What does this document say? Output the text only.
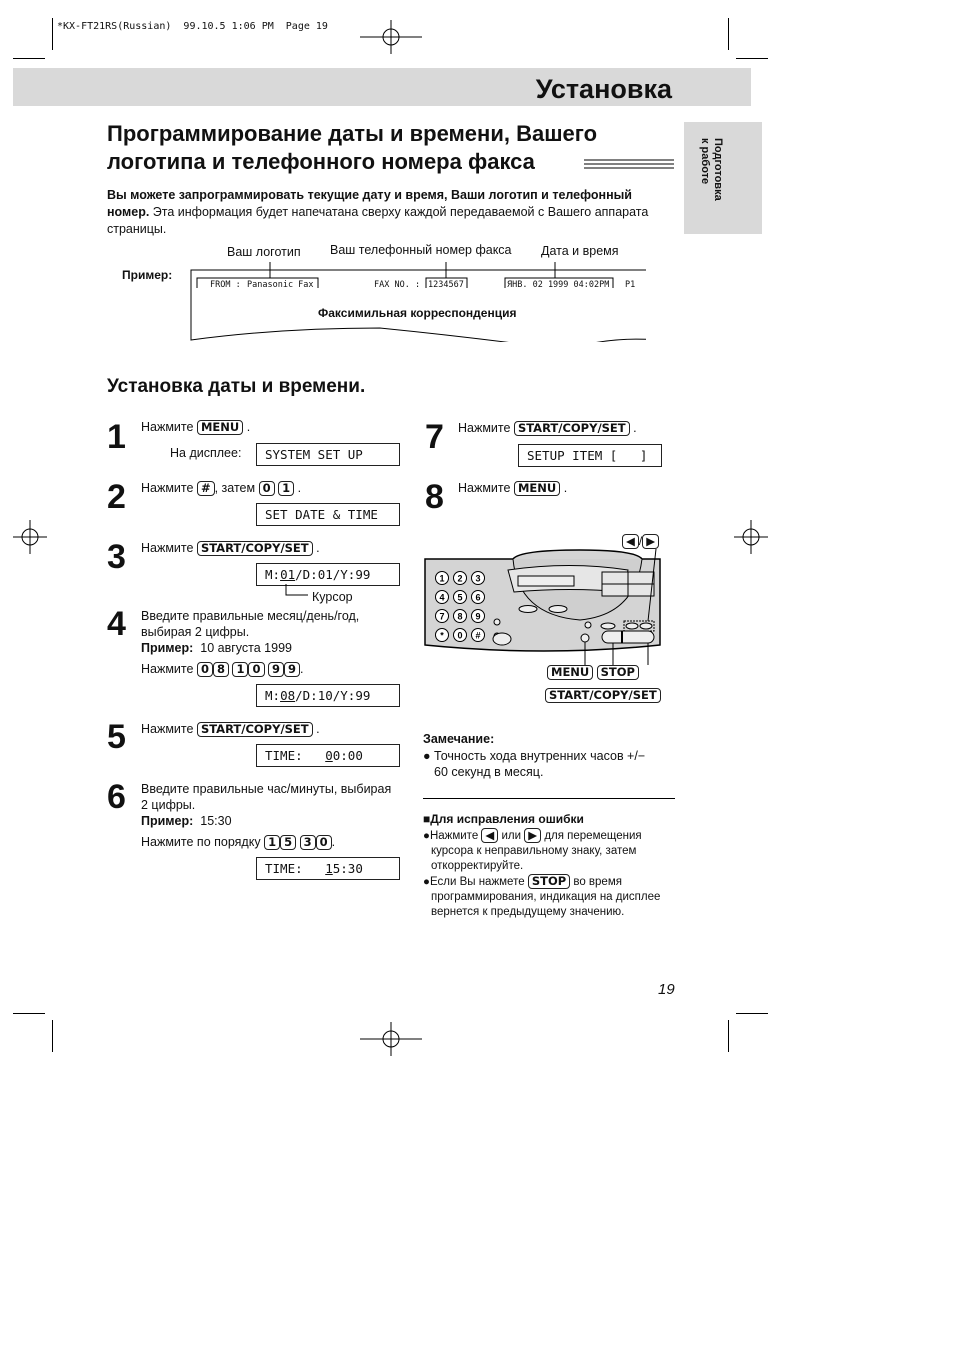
*KX-FT21RS(Russian)  99.10.5 1:06 PM  Page 19
Установка
Подготовка
к работе
Программирование даты и времени, Вашего
логотипа и телефонного номера факса
Вы можете запрограммировать текущие дату и время, Ваши логотип и телефонный номер. Эта информация будет напечатана сверху каждой передаваемой с Вашего аппарата страницы.
Пример:
Ваш логотип Ваш телефонный номер факса Дата и время
FROM : Panasonic Fax	FAX NO. : 1234567	ЯНВ. 02 1999 04:02PM P1
Факсимильная корреспонденция
Установка даты и времени.
1 Нажмите MENU .
На дисплее:	SYSTEM SET UP
2 Нажмите # , затем 0 1 .
SET DATE & TIME
3 Нажмите START/COPY/SET .
M:01/D:01/Y:99
Курсор
4 Введите правильные месяц/день/год,
выбирая 2 цифры.
Пример: 10 августа 1999
Нажмите 0 8 1 0 9 9 .
M:08/D:10/Y:99
5 Нажмите START/COPY/SET .
TIME:   00:00
6 Введите правильные час/минуты, выбирая
2 цифры.
Пример: 15:30
Нажмите по порядку 1 5 3 0 .
TIME:   15:30
7 Нажмите START/COPY/SET .
SETUP ITEM [   ]
8 Нажмите MENU .
◀ / ▶
1 2 3
4 5 6
7 8 9
* 0 #
MENU STOP
START/COPY/SET
Замечание:
● Точность хода внутренних часов +/−
60 секунд в месяц.
■Для исправления ошибки
●Нажмите ◀ или ▶ для перемещения
курсора к неправильному знаку, затем
откорректируйте.
●Если Вы нажмете STOP во время
программирования, индикация на дисплее
вернется к предыдущему значению.
19
